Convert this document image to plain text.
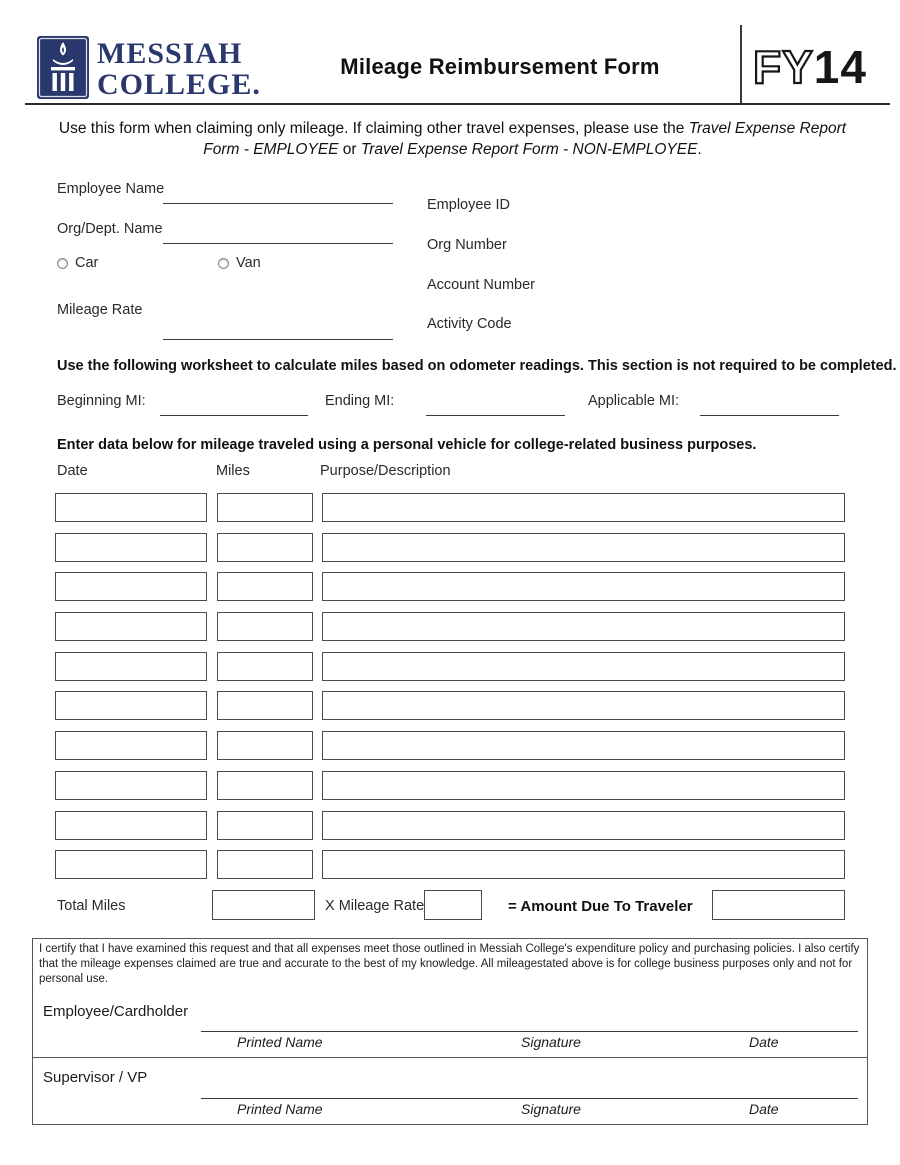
MESSIAH
COLLEGE.
Mileage Reimbursement Form	FY14
Use this form when claiming only mileage. If claiming other travel expenses, please use the Travel Expense Report Form - EMPLOYEE or Travel Expense Report Form - NON-EMPLOYEE.
Employee Name
Org/Dept. Name
Car	Van
Mileage Rate
Employee ID
Org Number
Account Number
Activity Code
Use the following worksheet to calculate miles based on odometer readings. This section is not required to be completed.
Beginning MI:	Ending MI:	Applicable MI:
Enter data below for mileage traveled using a personal vehicle for college-related business purposes.
Date	Miles	Purpose/Description
Total Miles	X Mileage Rate	= Amount Due To Traveler
I certify that I have examined this request and that all expenses meet those outlined in Messiah College's expenditure policy and purchasing policies. I also certify that the mileage expenses claimed are true and accurate to the best of my knowledge. All mileagestated above is for college business purposes only and not for personal use.
Employee/Cardholder
Printed Name	Signature	Date
Supervisor / VP
Printed Name	Signature	Date
